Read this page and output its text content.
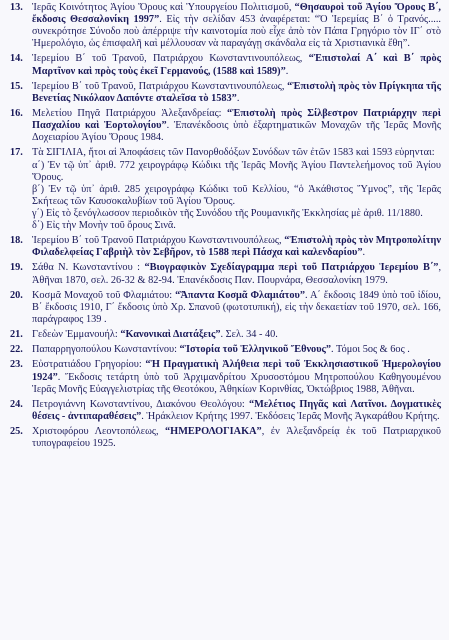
13. Ἱερᾶς Κοινότητος Ἁγίου Ὄρους καὶ Ὑπουργείου Πολιτισμοῦ, “Θησαυροὶ τοῦ Ἁγίου Ὄρους Β΄, ἔκδοσις Θεσσαλονίκη 1997”. Εἰς τὴν σελίδαν 453 ἀναφέρεται: “Ὁ Ἱερεμίας Β΄ ὁ Τρανός..... συνεκρότησε Σύνοδο ποὺ ἀπέρριψε τὴν καινοτομία ποὺ εἶχε ἀπὸ τὸν Πάπα Γρηγόριο τὸν ΙΓ΄ στὸ Ἡμερολόγιο, ὡς ἐπισφαλῆ καὶ μέλλουσαν νὰ παραγάγῃ σκάνδαλα εἰς τὰ Χριστιανικὰ ἔθη”.
14. Ἱερεμίου Β΄ τοῦ Τρανοῦ, Πατριάρχου Κωνσταντινουπόλεως, “Ἐπιστολαί Α΄ καὶ Β΄ πρὸς Μαρτῖνον καὶ πρὸς τοὺς ἐκεῖ Γερμανούς, (1588 καὶ 1589)”.
15. Ἱερεμίου Β΄ τοῦ Τρανοῦ, Πατριάρχου Κωνσταντινουπόλεως, “Ἐπιστολὴ πρὸς τὸν Πρίγκηπα τῆς Βενετίας Νικόλαον Δαπόντε σταλεῖσα τὸ 1583”.
16. Μελετίου Πηγᾶ Πατριάρχου Ἀλεξανδρείας: “Ἐπιστολὴ πρὸς Σίλβεστρον Πατριάρχην περὶ Πασχαλίου καὶ Ἑορτολογίου”. Ἐπανέκδοσις ὑπὸ ἐξαρτηματικῶν Μοναχῶν τῆς Ἱερᾶς Μονῆς Δοχειαρίου Ἁγίου Ὄρους 1984.
17. Τὰ ΣΙΓΙΛΙΑ, ἤτοι αἱ Ἀποφάσεις τῶν Πανορθοδόξων Συνόδων τῶν ἐτῶν 1583 καὶ 1593 εὑρηνται:
α΄) Ἐν τῷ ὑπ᾽ ἀριθ. 772 χειρογράφῳ Κώδικι τῆς Ἱερᾶς Μονῆς Ἁγίου Παντελεήμονος τοῦ Ἁγίου Ὄρους.
β΄) Ἐν τῷ ὑπ᾽ ἀριθ. 285 χειρογράφῳ Κώδικι τοῦ Κελλίου, “ὁ Ἀκάθιστος Ὕμνος”, τῆς Ἱερᾶς Σκήτεως τῶν Καυσοκαλυβίων τοῦ Ἁγίου Ὄρους.
γ΄) Εἰς τὸ ξενόγλωσσον περιοδικὸν τῆς Συνόδου τῆς Ρουμανικῆς Ἐκκλησίας μὲ ἀριθ. 11/1880.
δ΄) Εἰς τὴν Μονὴν τοῦ ὄρους Σινᾶ.
18. Ἱερεμίου Β΄ τοῦ Τρανοῦ Πατριάρχου Κωνσταντινουπόλεως, “Ἐπιστολὴ πρὸς τὸν Μητροπολίτην Φιλαδελφείας Γαβριὴλ τὸν Σεβῆρον, τὸ 1588 περὶ Πάσχα καὶ καλενδαρίου”.
19. Σάθα Ν. Κωνσταντίνου : “Βιογραφικὸν Σχεδίαγραμμα περὶ τοῦ Πατριάρχου Ἱερεμίου Β΄”, Ἀθῆναι 1870, σελ. 26-32 & 82-94. Ἐπανέκδοσις Παν. Πουρνάρα, Θεσσαλονίκη 1979.
20. Κοσμᾶ Μοναχοῦ τοῦ Φλαμιάτου: “Ἅπαντα Κοσμᾶ Φλαμιάτου”. Α΄ ἔκδοσις 1849 ὑπὸ τοῦ ἰδίου, Β΄ ἔκδοσις 1910, Γ΄ ἔκδοσις ὑπὸ Χρ. Σπανοῦ (φωτοτυπική), εἰς τὴν δεκαετίαν τοῦ 1970, σελ. 166, παράγραφος 139 .
21. Γεδεὼν Ἐμμανουήλ: “Κανονικαὶ Διατάξεις”. Σελ. 34 - 40.
22. Παπαρρηγοπούλου Κωνσταντίνου: “Ἱστορία τοῦ Ἑλληνικοῦ Ἔθνους”. Τόμοι 5ος & 6ος .
23. Εὐστρατιάδου Γρηγορίου: “Ἡ Πραγματικὴ Ἀλήθεια περὶ τοῦ Ἐκκλησιαστικοῦ Ἡμερολογίου 1924”. Ἔκδοσις τετάρτη ὑπὸ τοῦ Ἀρχιμανδρίτου Χρυσοστόμου Μητροπούλου Καθηγουμένου Ἱερᾶς Μονῆς Εὐαγγελιστρίας τῆς Θεοτόκου, Ἀθηκίων Κορινθίας, Ὀκτώβριος 1988, Ἀθῆναι.
24. Πετρογιάννη Κωνσταντίνου, Διακόνου Θεολόγου: “Μελέτιος Πηγᾶς καὶ Λατῖνοι. Δογματικὲς θέσεις - ἀντιπαραθέσεις”. Ἡράκλειον Κρήτης 1997. Ἐκδόσεις Ἱερᾶς Μονῆς Ἀγκαράθου Κρήτης.
25. Χριστοφόρου Λεοντοπόλεως, “ΗΜΕΡΟΛΟΓΙΑΚΑ”, ἐν Ἀλεξανδρείᾳ ἐκ τοῦ Πατριαρχικοῦ τυπογραφείου 1925.
